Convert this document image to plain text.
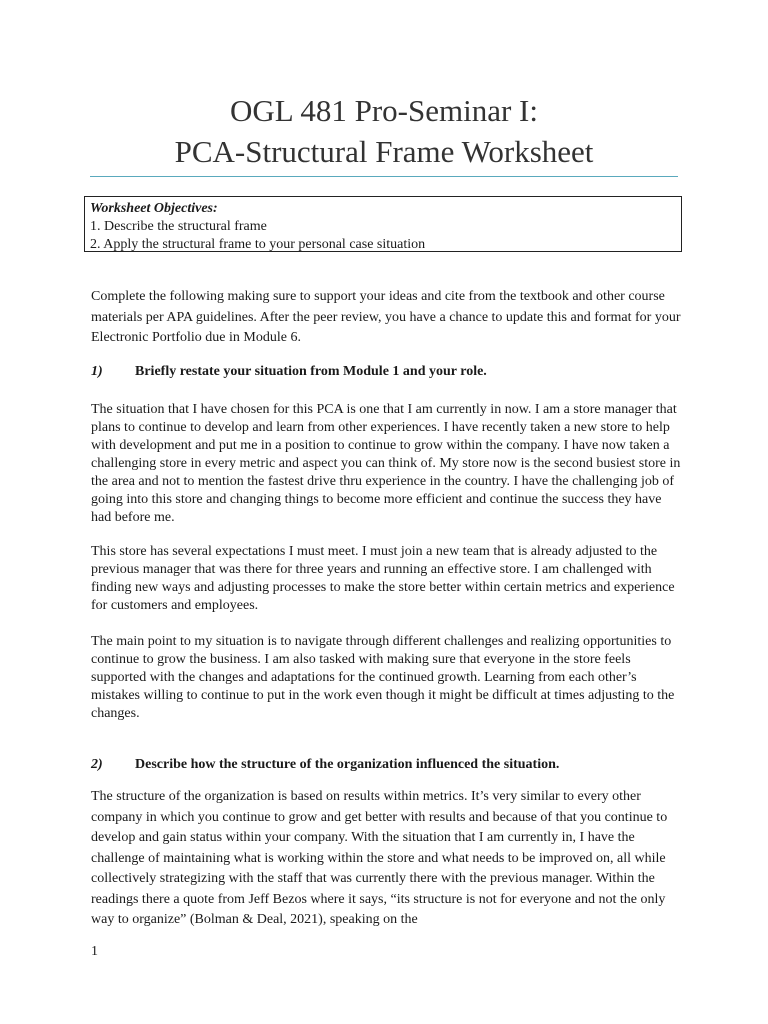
OGL 481 Pro-Seminar I:
PCA-Structural Frame Worksheet
Worksheet Objectives:
1. Describe the structural frame
2. Apply the structural frame to your personal case situation

Complete the following making sure to support your ideas and cite from the textbook and other course materials per APA guidelines. After the peer review, you have a chance to update this and format for your Electronic Portfolio due in Module 6.

1) Briefly restate your situation from Module 1 and your role.

The situation that I have chosen for this PCA is one that I am currently in now. I am a store manager that plans to continue to develop and learn from other experiences. I have recently taken a new store to help with development and put me in a position to continue to grow within the company. I have now taken a challenging store in every metric and aspect you can think of. My store now is the second busiest store in the area and not to mention the fastest drive thru experience in the country. I have the challenging job of going into this store and changing things to become more efficient and continue the success they have had before me.

This store has several expectations I must meet. I must join a new team that is already adjusted to the previous manager that was there for three years and running an effective store. I am challenged with finding new ways and adjusting processes to make the store better within certain metrics and experience for customers and employees.

The main point to my situation is to navigate through different challenges and realizing opportunities to continue to grow the business. I am also tasked with making sure that everyone in the store feels supported with the changes and adaptations for the continued growth. Learning from each other’s mistakes willing to continue to put in the work even though it might be difficult at times adjusting to the changes.

2) Describe how the structure of the organization influenced the situation.

The structure of the organization is based on results within metrics. It’s very similar to every other company in which you continue to grow and get better with results and because of that you continue to develop and gain status within your company. With the situation that I am currently in, I have the challenge of maintaining what is working within the store and what needs to be improved on, all while collectively strategizing with the staff that was currently there with the previous manager. Within the readings there a quote from Jeff Bezos where it says, “its structure is not for everyone and not the only way to organize” (Bolman & Deal, 2021), speaking on the

1
